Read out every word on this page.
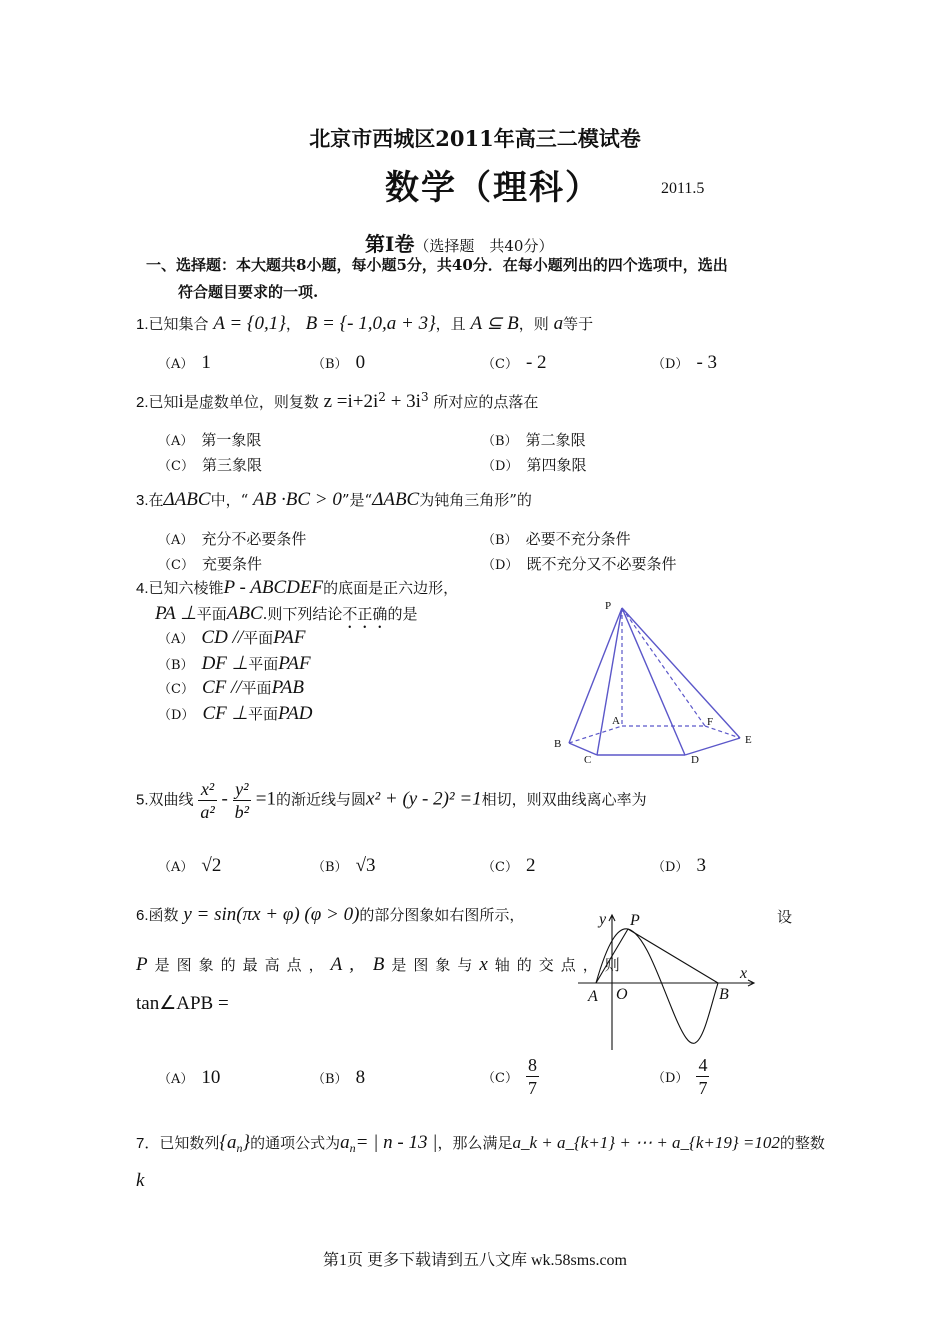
北京市西城区2011年高三二模试卷
数学（理科）	2011.5
第Ⅰ卷（选择题　共40分）
一、选择题：本大题共8小题，每小题5分，共40分．在每小题列出的四个选项中，选出
符合题目要求的一项.
1.已知集合 A = {0,1}， B = {- 1,0,a + 3}，且 A ⊆ B，则 a等于
（A） 1	（B） 0	（C） - 2	（D） - 3
2.已知i是虚数单位，则复数 $z =i+2i^2 + 3i^3$ 所对应的点落在
（A） 第一象限	（B） 第二象限
（C） 第三象限	（D） 第四象限
3.在ΔABC中，“ AB ·BC > 0”是“ΔABC为钝角三角形”的
（A） 充分不必要条件	（B） 必要不充分条件
（C） 充要条件	（D） 既不充分又不必要条件
4.已知六棱锥P - ABCDEF的底面是正六边形，
PA ⊥平面ABC.则下列结论不正确的是
（A） CD //平面PAF
（B） DF ⊥平面PAF
（C） CF //平面PAB
（D） CF ⊥平面PAD
P
A	F
B
C	D
E
5.双曲线 $\frac{\text{x²}}{\text{a²}} - \frac{\text{y²}}{\text{b²}} =1$的渐近线与圆x² + (y - 2)² =1相切，则双曲线离心率为
（A） √2	（B） √3	（C） 2	（D） 3
6.函数 y = sin(πx + φ) (φ > 0)的部分图象如右图所示，	设
P是图象的最高点，A, B是图象与x轴的交点，则
tan∠APB =
y P
x
A O	B
（A） 10	（B） 8	$(C) \frac{8}{7}$	$(D) \frac{4}{7}$
7．已知数列$\{a_n\}$的通项公式为$a_n=$ | n - 13 |，那么满足a_k + a_{k+1} + ⋯ + a_{k+19} =102的整数
k
第1页 更多下载请到五八文库 wk.58sms.com
